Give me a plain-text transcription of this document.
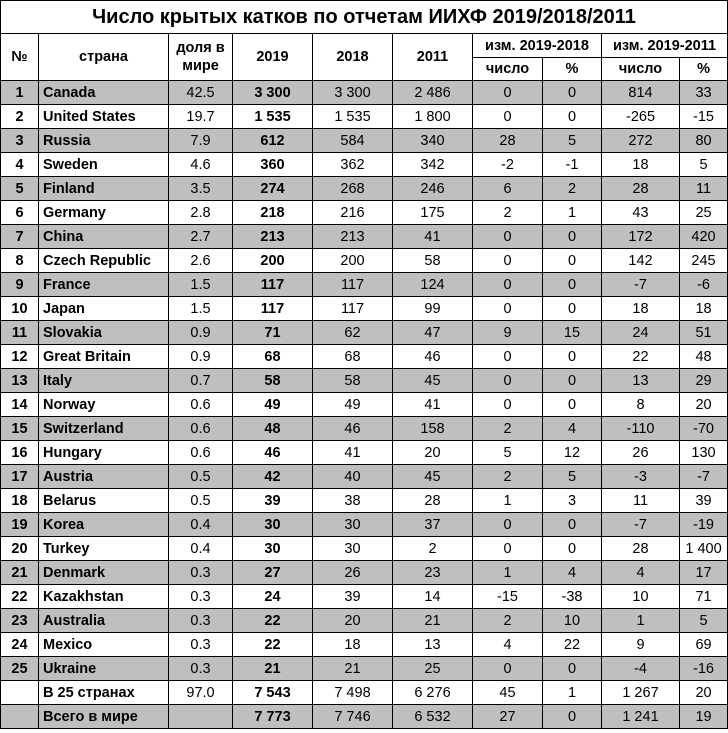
Число крытых катков по отчетам ИИХФ 2019/2018/2011									
№	страна	доля в мире	2019	2018	2011	изм. 2019-2018		изм. 2019-2011	
						число	%	число	%
1	Canada	42.5	3 300	3 300	2 486	0	0	814	33
2	United States	19.7	1 535	1 535	1 800	0	0	-265	-15
3	Russia	7.9	612	584	340	28	5	272	80
4	Sweden	4.6	360	362	342	-2	-1	18	5
5	Finland	3.5	274	268	246	6	2	28	11
6	Germany	2.8	218	216	175	2	1	43	25
7	China	2.7	213	213	41	0	0	172	420
8	Czech Republic	2.6	200	200	58	0	0	142	245
9	France	1.5	117	117	124	0	0	-7	-6
10	Japan	1.5	117	117	99	0	0	18	18
11	Slovakia	0.9	71	62	47	9	15	24	51
12	Great Britain	0.9	68	68	46	0	0	22	48
13	Italy	0.7	58	58	45	0	0	13	29
14	Norway	0.6	49	49	41	0	0	8	20
15	Switzerland	0.6	48	46	158	2	4	-110	-70
16	Hungary	0.6	46	41	20	5	12	26	130
17	Austria	0.5	42	40	45	2	5	-3	-7
18	Belarus	0.5	39	38	28	1	3	11	39
19	Korea	0.4	30	30	37	0	0	-7	-19
20	Turkey	0.4	30	30	2	0	0	28	1 400
21	Denmark	0.3	27	26	23	1	4	4	17
22	Kazakhstan	0.3	24	39	14	-15	-38	10	71
23	Australia	0.3	22	20	21	2	10	1	5
24	Mexico	0.3	22	18	13	4	22	9	69
25	Ukraine	0.3	21	21	25	0	0	-4	-16
	В 25 странах	97.0	7 543	7 498	6 276	45	1	1 267	20
	Всего в мире		7 773	7 746	6 532	27	0	1 241	19
